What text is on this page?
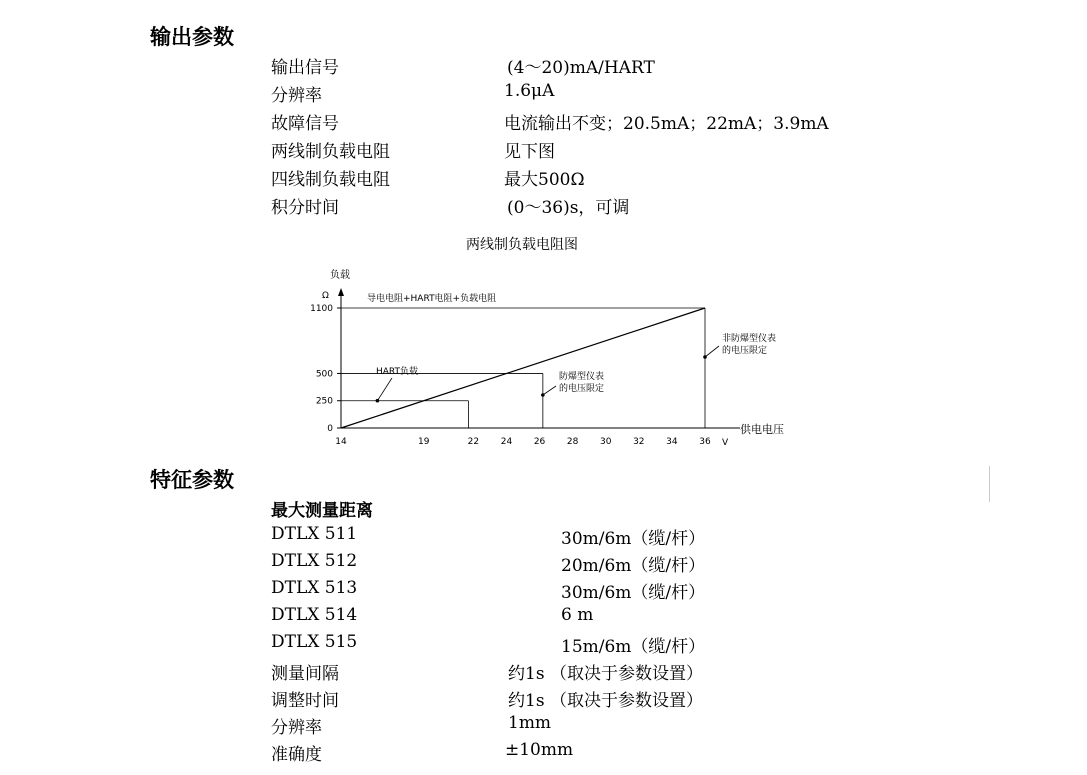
输出参数
输出信号	(4～20)mA/HART
分辨率	1.6μA
故障信号	电流输出不变；20.5mA；22mA；3.9mA
两线制负载电阻	见下图
四线制负载电阻	最大500Ω
积分时间	(0～36)s，可调
两线制负载电阻图
0
250
500
1100
14	19	22 24 26 28 30 32 34 36
负载
Ω
供电电压
V
导电电阻+HART电阻+负载电阻
HART负载	防爆型仪表
的电压限定
非防爆型仪表
的电压限定
特征参数
最大测量距离
DTLX 511	30m/6m（缆/杆）
DTLX 512	20m/6m（缆/杆）
DTLX 513	30m/6m（缆/杆）
DTLX 514	6 m
DTLX 515	15m/6m（缆/杆）
测量间隔	约1s （取决于参数设置）
调整时间	约1s （取决于参数设置）
分辨率	1mm
准确度	±10mm
